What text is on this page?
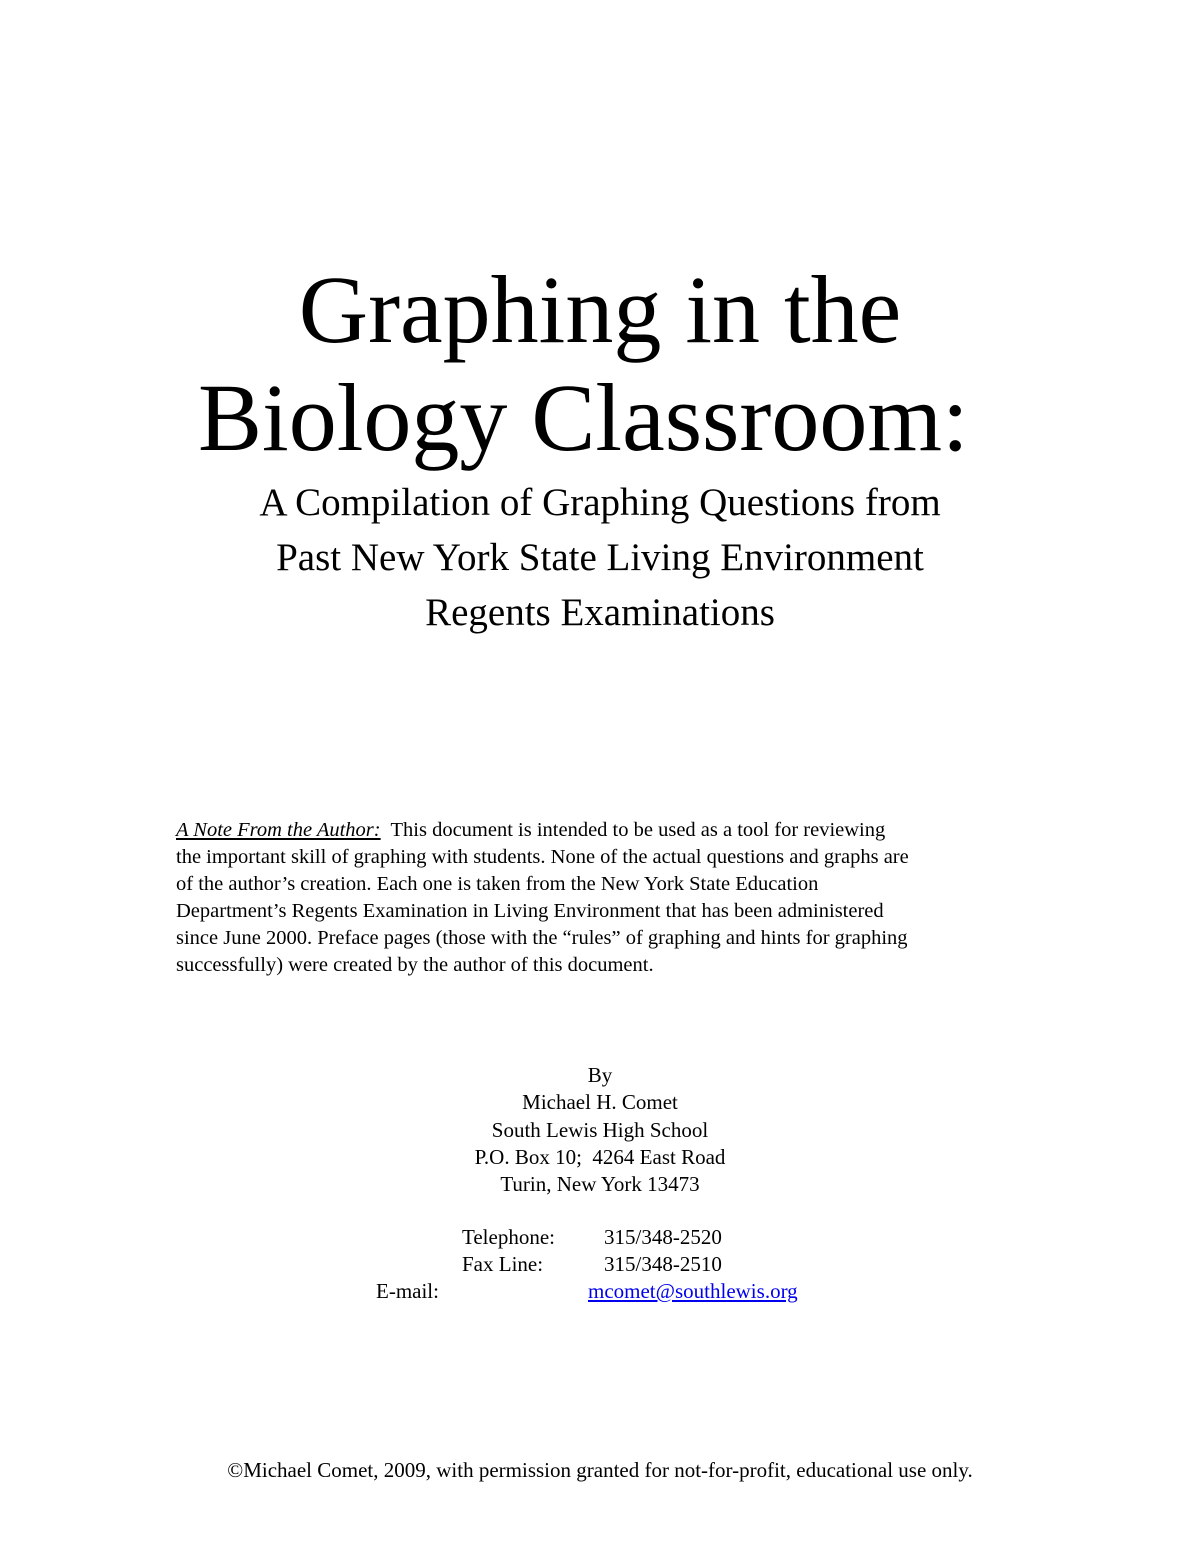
Graphing in the
Biology Classroom:
A Compilation of Graphing Questions from
Past New York State Living Environment
Regents Examinations
A Note From the Author:  This document is intended to be used as a tool for reviewing
the important skill of graphing with students. None of the actual questions and graphs are
of the author’s creation. Each one is taken from the New York State Education
Department’s Regents Examination in Living Environment that has been administered
since June 2000. Preface pages (those with the “rules” of graphing and hints for graphing
successfully) were created by the author of this document.
By
Michael H. Comet
South Lewis High School
P.O. Box 10;  4264 East Road
Turin, New York 13473
Telephone: 315/348-2520
Fax Line:	315/348-2510
E-mail:	mcomet@southlewis.org
©Michael Comet, 2009, with permission granted for not-for-profit, educational use only.
